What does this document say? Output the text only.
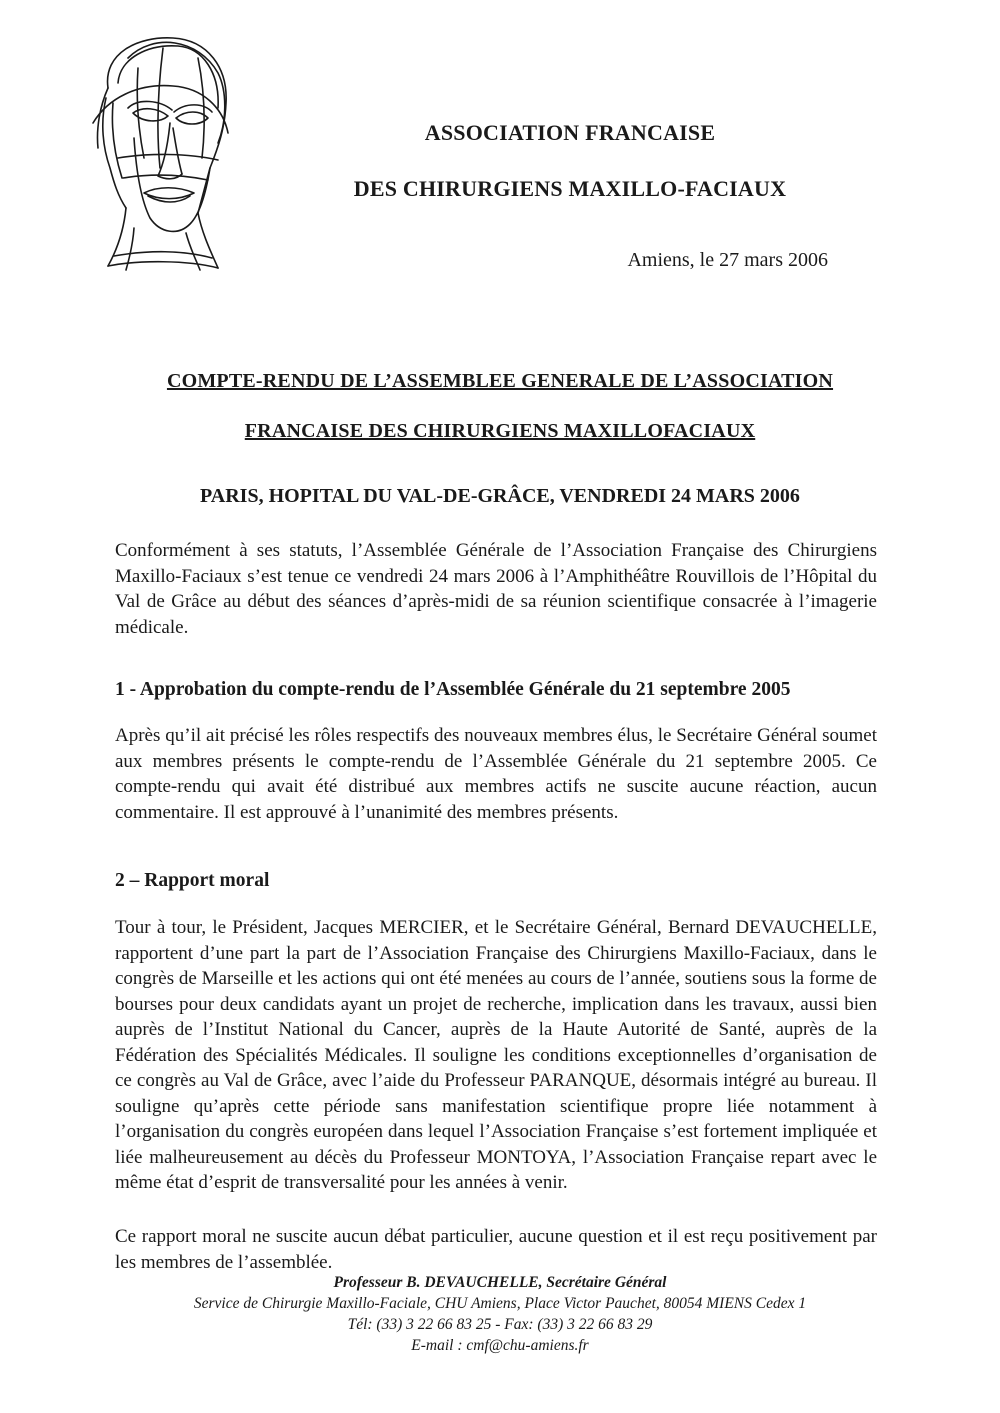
ASSOCIATION FRANCAISE
DES CHIRURGIENS MAXILLO-FACIAUX
Amiens, le 27 mars 2006
COMPTE-RENDU DE L’ASSEMBLEE GENERALE DE L’ASSOCIATION
FRANCAISE DES CHIRURGIENS MAXILLOFACIAUX
PARIS, HOPITAL DU VAL-DE-GRÂCE, VENDREDI 24 MARS 2006

Conformément à ses statuts, l’Assemblée Générale de l’Association Française des Chirurgiens Maxillo-Faciaux s’est tenue ce vendredi 24 mars 2006 à l’Amphithéâtre Rouvillois de l’Hôpital du Val de Grâce au début des séances d’après-midi de sa réunion scientifique consacrée à l’imagerie médicale.

1 - Approbation du compte-rendu de l’Assemblée Générale du 21 septembre 2005

Après qu’il ait précisé les rôles respectifs des nouveaux membres élus, le Secrétaire Général soumet aux membres présents le compte-rendu de l’Assemblée Générale du 21 septembre 2005. Ce compte-rendu qui avait été distribué aux membres actifs ne suscite aucune réaction, aucun commentaire. Il est approuvé à l’unanimité des membres présents.

2 – Rapport moral

Tour à tour, le Président, Jacques MERCIER, et le Secrétaire Général, Bernard DEVAUCHELLE, rapportent d’une part la part de l’Association Française des Chirurgiens Maxillo-Faciaux, dans le congrès de Marseille et les actions qui ont été menées au cours de l’année, soutiens sous la forme de bourses pour deux candidats ayant un projet de recherche, implication dans les travaux, aussi bien auprès de l’Institut National du Cancer, auprès de la Haute Autorité de Santé, auprès de la Fédération des Spécialités Médicales. Il souligne les conditions exceptionnelles d’organisation de ce congrès au Val de Grâce, avec l’aide du Professeur PARANQUE, désormais intégré au bureau. Il souligne qu’après cette période sans manifestation scientifique propre liée notamment à l’organisation du congrès européen dans lequel l’Association Française s’est fortement impliquée et liée malheureusement au décès du Professeur MONTOYA, l’Association Française repart avec le même état d’esprit de transversalité pour les années à venir.

Ce rapport moral ne suscite aucun débat particulier, aucune question et il est reçu positivement par les membres de l’assemblée.

Professeur B. DEVAUCHELLE, Secrétaire Général
Service de Chirurgie Maxillo-Faciale, CHU Amiens, Place Victor Pauchet, 80054 MIENS Cedex 1
Tél: (33) 3 22 66 83 25 - Fax: (33) 3 22 66 83 29
E-mail : cmf@chu-amiens.fr
